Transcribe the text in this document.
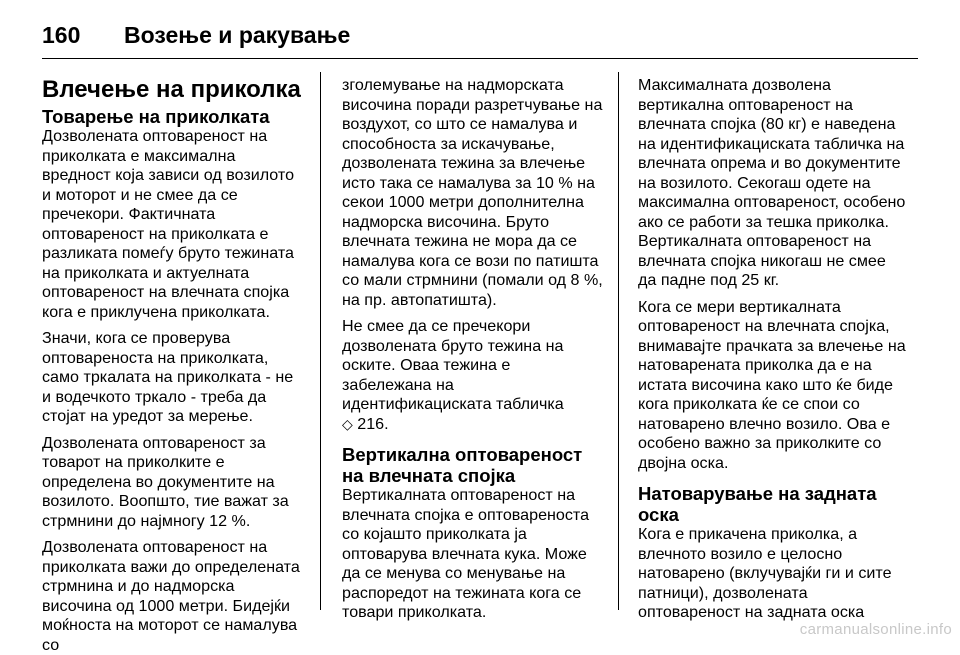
160 Возење и ракување
Влечење на приколка
Товарење на приколката

Дозволената оптовареност на приколката е максимална вредност која зависи од возилото и моторот и не смее да се пречекори. Фактичната оптовареност на приколката е разликата помеѓу бруто тежината на приколката и актуелната оптовареност на влечната спојка кога е приклучена приколката.

Значи, кога се проверува оптовареноста на приколката, само тркалата на приколката - не и водечкото тркало - треба да стојат на уредот за мерење.

Дозволената оптовареност за товарот на приколките е определена во документите на возилото. Воопшто, тие важат за стрмнини до најмногу 12 %.

Дозволената оптовареност на приколката важи до определената стрмнина и до надморска височина од 1000 метри. Бидејќи моќноста на моторот се намалува со

зголемување на надморската височина поради разретчување на воздухот, со што се намалува и способноста за искачување, дозволената тежина за влечење исто така се намалува за 10 % на секои 1000 метри дополнителна надморска височина. Бруто влечната тежина не мора да се намалува кога се вози по патишта со мали стрмнини (помали од 8 %, на пр. автопатишта).

Не смее да се пречекори дозволената бруто тежина на оските. Оваа тежина е забележана на идентификациската табличка
◇ 216.

Вертикална оптовареност на влечната спојка

Вертикалната оптовареност на влечната спојка е оптовареноста со којашто приколката ја оптоварува влечната кука. Може да се менува со менување на распоредот на тежината кога се товари приколката.

Максималната дозволена вертикална оптовареност на влечната спојка (80 кг) е наведена на идентификациската табличка на влечната опрема и во документите на возилото. Секогаш одете на максимална оптовареност, особено ако се работи за тешка приколка. Вертикалната оптовареност на влечната спојка никогаш не смее да падне под 25 кг.

Кога се мери вертикалната оптовареност на влечната спојка, внимавајте прачката за влечење на натоварената приколка да е на истата височина како што ќе биде кога приколката ќе се спои со натоварено влечно возило. Ова е особено важно за приколките со двојна оска.

Натоварување на задната оска

Кога е прикачена приколка, а влечното возило е целосно натоварено (вклучувајќи ги и сите патници), дозволената оптовареност на задната оска

carmanualsonline.info
